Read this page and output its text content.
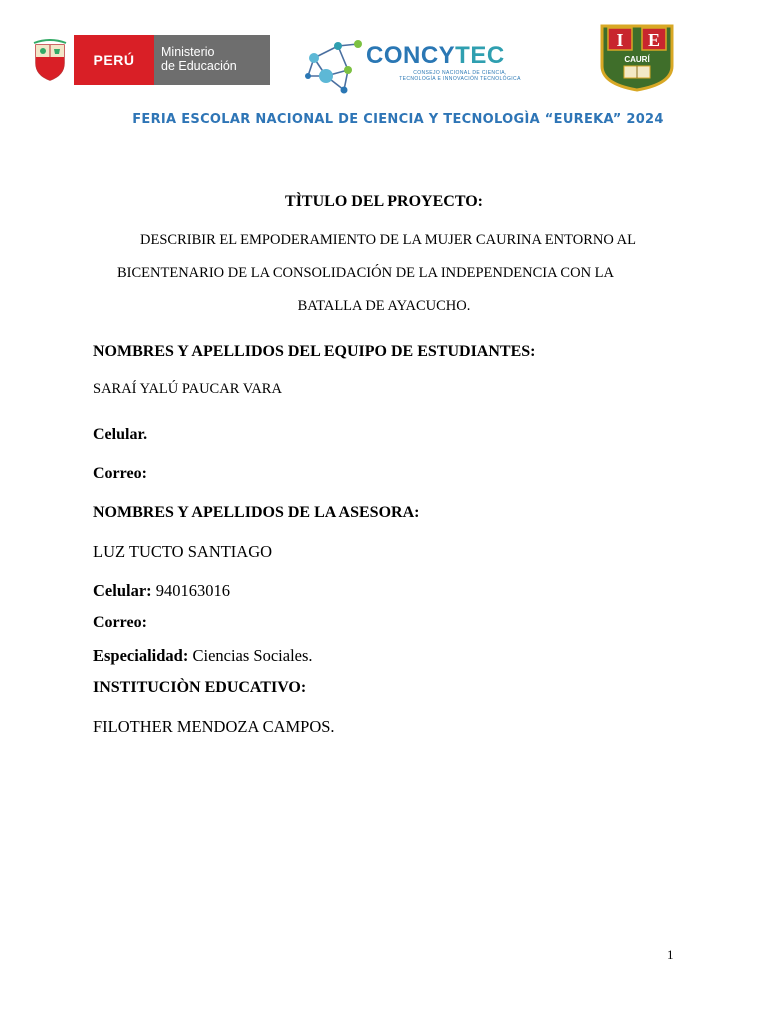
PERÚ	Ministerio
de Educación	CONCYTEC
CONSEJO NACIONAL DE CIENCIA,
TECNOLOGÍA E INNOVACIÓN TECNOLÓGICA
I E
CAURÍ
FERIA ESCOLAR NACIONAL DE CIENCIA Y TECNOLOGÌA “EUREKA” 2024
TÌTULO DEL PROYECTO:
DESCRIBIR EL EMPODERAMIENTO DE LA MUJER CAURINA ENTORNO AL
BICENTENARIO DE LA CONSOLIDACIÓN DE LA INDEPENDENCIA CON LA
BATALLA DE AYACUCHO.
NOMBRES Y APELLIDOS DEL EQUIPO DE ESTUDIANTES:
SARAÍ YALÚ PAUCAR VARA
Celular.
Correo:
NOMBRES Y APELLIDOS DE LA ASESORA:
LUZ TUCTO SANTIAGO
Celular: 940163016
Correo:
Especialidad: Ciencias Sociales.
INSTITUCIÒN EDUCATIVO:
FILOTHER MENDOZA CAMPOS.
1
